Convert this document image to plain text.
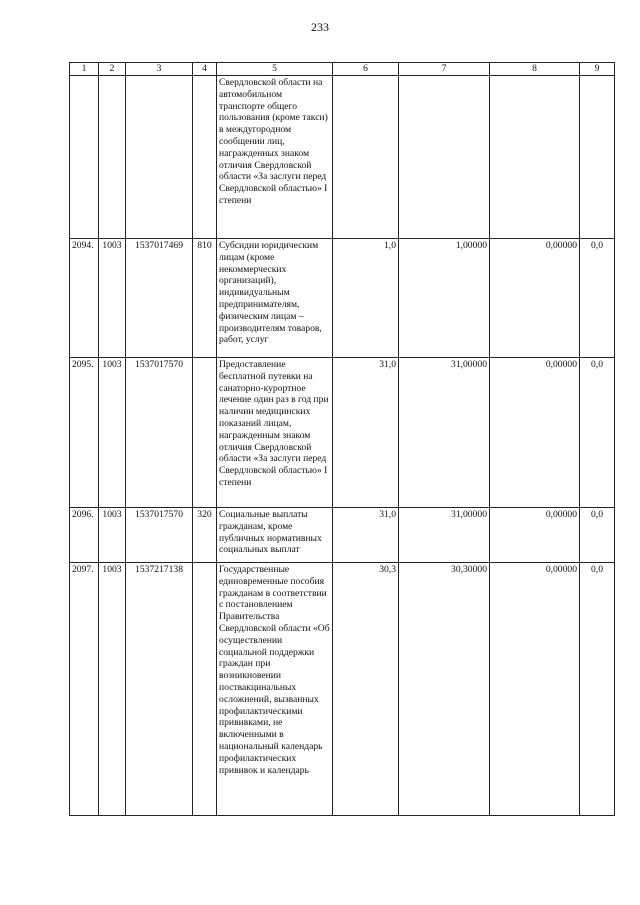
233
1	2	3	4	5	6	7	8	9
				Свердловской области на автомобильном транспорте общего пользования (кроме такси) в междугородном сообщении лиц, награжденных знаком отличия Свердловской области «За заслуги перед Свердловской областью» I степени				
2094.	1003	1537017469	810	Субсидии юридическим лицам (кроме некоммерческих организаций), индивидуальным предпринимателям, физическим лицам – производителям товаров, работ, услуг	1,0	1,00000	0,00000	0,0
2095.	1003	1537017570		Предоставление бесплатной путевки на санаторно-курортное лечение один раз в год при наличии медицинских показаний лицам, награжденным знаком отличия Свердловской области «За заслуги перед Свердловской областью» I степени	31,0	31,00000	0,00000	0,0
2096.	1003	1537017570	320	Социальные выплаты гражданам, кроме публичных нормативных социальных выплат	31,0	31,00000	0,00000	0,0
2097.	1003	1537217138		Государственные единовременные пособия гражданам в соответствии с постановлением Правительства Свердловской области «Об осуществлении социальной поддержки граждан при возникновении поствакцинальных осложнений, вызванных профилактическими прививками, не включенными в национальный календарь профилактических прививок и календарь	30,3	30,30000	0,00000	0,0
